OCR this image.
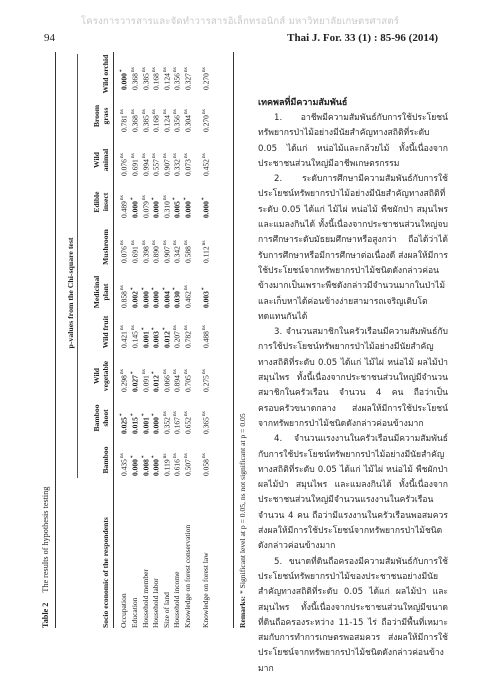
โครงการวารสารและจัดทำวารสารอิเล็กทรอนิกส์ มหาวิทยาลัยเกษตรศาสตร์
94	Thai J. For. 33 (1) : 85-96 (2014)
Table 2The results of hypothesis testing
p-values from the Chi-square test
Socio economic of the respondents
Bamboo
Bamboo shoot
Wild vegetable
Wild fruit
Medicinal plant
Mushroom
Edible insect
Wild animal
Broom grass
Wild orchid
Occupation
$0.435^{ns}$
0.025*
$0.298^{ns}$
$0.421^{ns}$
$0.858^{ns}$
$0.076^{ns}$
$0.489^{ns}$
$0.076^{ns}$
$0.781^{ns}$
0.000*
Education
0.000*
0.015*
0.027*
$0.145^{ns}$
0.002*
$0.691^{ns}$
0.000*
$0.691^{ns}$
$0.368^{ns}$
$0.368^{ns}$
Household member
0.008*
0.001*
$0.091^{ns}$
0.001*
0.000*
$0.398^{ns}$
$0.079^{ns}$
$0.994^{ns}$
$0.385^{ns}$
$0.385^{ns}$
Household labor
0.000*
0.000*
0.012*
0.003*
0.000*
$0.890^{ns}$
0.000*
$0.557^{ns}$
$0.168^{ns}$
$0.168^{ns}$
Size of land
$0.119^{ns}$
$0.352^{ns}$
$0.066^{ns}$
0.012*
0.004*
$0.907^{ns}$
$0.310^{ns}$
$0.907^{ns}$
$0.124^{ns}$
$0.124^{ns}$
Household income
$0.616^{ns}$
$0.167^{ns}$
$0.894^{ns}$
$0.207^{ns}$
0.030*
$0.342^{ns}$
0.005*
$0.332^{ns}$
$0.356^{ns}$
$0.356^{ns}$
Knowledge on forest conservation
$0.507^{ns}$
$0.652^{ns}$
$0.705^{ns}$
$0.782^{ns}$
$0.462^{ns}$
$0.588^{ns}$
0.000*
$0.073^{ns}$
$0.304^{ns}$
$0.327^{ns}$
Knowledge on forest law
$0.058^{ns}$
$0.365^{ns}$
$0.275^{ns}$
$0.488^{ns}$
0.003*
$0.112^{ns}$
0.000*
$0.452^{ns}$
$0.270^{ns}$
$0.270^{ns}$
Remarks: * Significant level at p = 0.05, ns not significant at p = 0.05
เทคพลที่มีความสัมพันธ์

1. อาชีพมีความสัมพันธ์กับการใช้ประโยชน์ทรัพยากรป่าไม้อย่างมีนัยสำคัญทางสถิติที่ระดับ 0.05 ได้แก่ หน่อไม้และกล้วยไม้ ทั้งนี้เนื่องจากประชาชนส่วนใหญ่มีอาชีพเกษตรกรรม

2. ระดับการศึกษามีความสัมพันธ์กับการใช้ประโยชน์ทรัพยากรป่าไม้อย่างมีนัยสำคัญทางสถิติที่ระดับ 0.05 ได้แก่ ไม้ไผ่ หน่อไม้ พืชผักป่า สมุนไพร และแมลงกินได้ ทั้งนี้เนื่องจากประชาชนส่วนใหญ่จบการศึกษาระดับมัธยมศึกษาหรือสูงกว่า ถือได้ว่าได้รับการศึกษาหรือมีการศึกษาต่อเนื่องดี ส่งผลให้มีการใช้ประโยชน์จากทรัพยากรป่าไม้ชนิดดังกล่าวค่อนข้างมากเป็นเพราะพืชดังกล่าวมีจำนวนมากในป่าไม้ และเก็บหาได้ค่อนข้างง่ายสามารถเจริญเติบโตทดแทนกันได้

3. จำนวนสมาชิกในครัวเรือนมีความสัมพันธ์กับการใช้ประโยชน์ทรัพยากรป่าไม้อย่างมีนัยสำคัญทางสถิติที่ระดับ 0.05 ได้แก่ ไม้ไผ่ หน่อไม้ ผลไม้ป่า สมุนไพร ทั้งนี้เนื่องจากประชาชนส่วนใหญ่มีจำนวนสมาชิกในครัวเรือน จำนวน 4 คน ถือว่าเป็นครอบครัวขนาดกลาง ส่งผลให้มีการใช้ประโยชน์จากทรัพยากรป่าไม้ชนิดดังกล่าวค่อนข้างมาก

4. จำนวนแรงงานในครัวเรือนมีความสัมพันธ์กับการใช้ประโยชน์ทรัพยากรป่าไม้อย่างมีนัยสำคัญทางสถิติที่ระดับ 0.05 ได้แก่ ไม้ไผ่ หน่อไม้ พืชผักป่า ผลไม้ป่า สมุนไพร และแมลงกินได้ ทั้งนี้เนื่องจากประชาชนส่วนใหญ่มีจำนวนแรงงานในครัวเรือน จำนวน 4 คน ถือว่ามีแรงงานในครัวเรือนพอสมควร ส่งผลให้มีการใช้ประโยชน์จากทรัพยากรป่าไม้ชนิดดังกล่าวค่อนข้างมาก

5. ขนาดที่ดินถือครองมีความสัมพันธ์กับการใช้ประโยชน์ทรัพยากรป่าไม้ของประชาชนอย่างมีนัยสำคัญทางสถิติที่ระดับ 0.05 ได้แก่ ผลไม้ป่า และสมุนไพร ทั้งนี้เนื่องจากประชาชนส่วนใหญ่มีขนาดที่ดินถือครองระหว่าง 11-15 ไร่ ถือว่ามีพื้นที่เหมาะสมกับการทำการเกษตรพอสมควร ส่งผลให้มีการใช้ประโยชน์จากทรัพยากรป่าไม้ชนิดดังกล่าวค่อนข้างมาก
